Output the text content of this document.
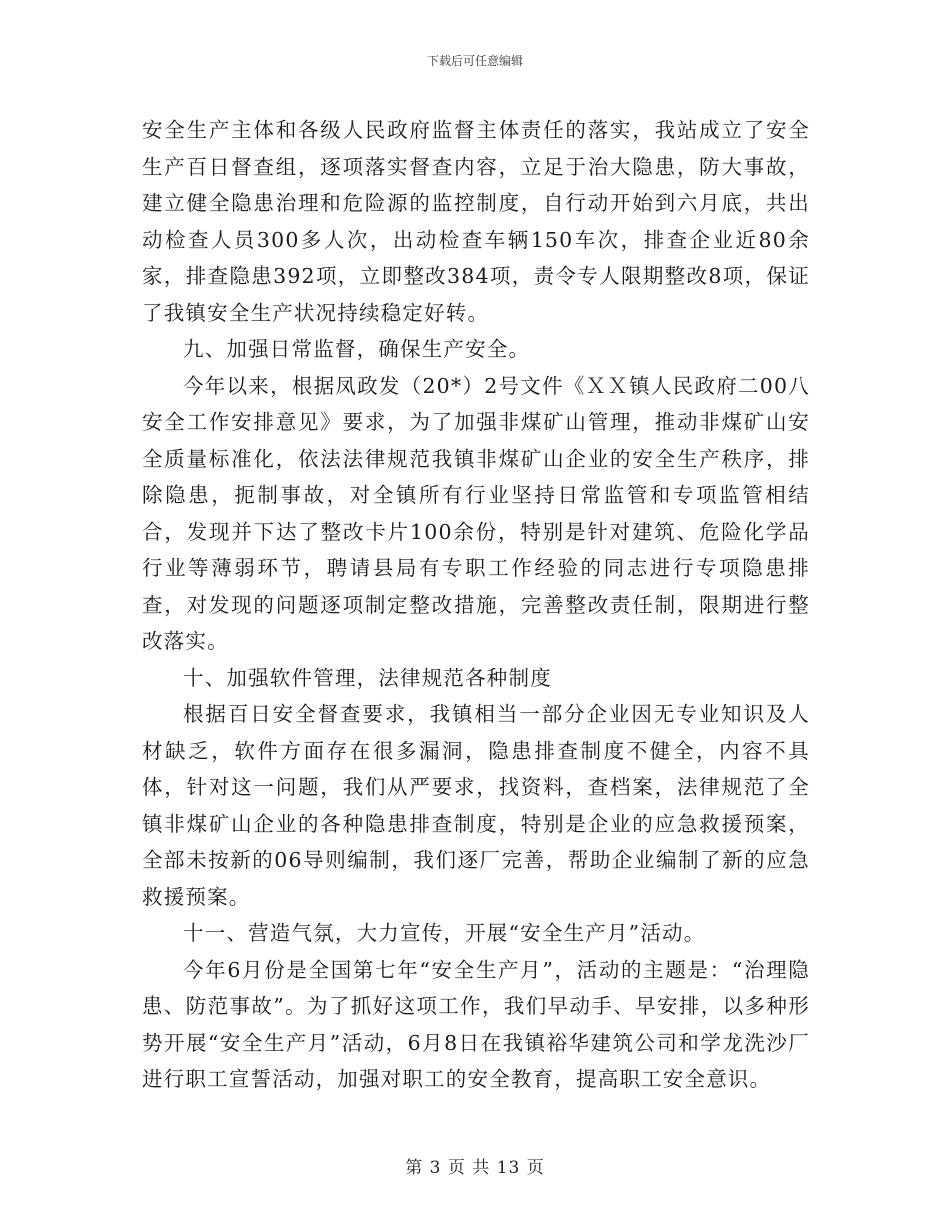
下载后可任意编辑

安全生产主体和各级人民政府监督主体责任的落实，我站成立了安全生产百日督查组，逐项落实督查内容，立足于治大隐患，防大事故，建立健全隐患治理和危险源的监控制度，自行动开始到六月底，共出动检查人员300多人次，出动检查车辆150车次，排查企业近80余家，排查隐患392项，立即整改384项，责令专人限期整改8项，保证了我镇安全生产状况持续稳定好转。

九、加强日常监督，确保生产安全。

今年以来，根据凤政发（20*）2号文件《ＸＸ镇人民政府二00八安全工作安排意见》要求，为了加强非煤矿山管理，推动非煤矿山安全质量标准化，依法法律规范我镇非煤矿山企业的安全生产秩序，排除隐患，扼制事故，对全镇所有行业坚持日常监管和专项监管相结合，发现并下达了整改卡片100余份，特别是针对建筑、危险化学品行业等薄弱环节，聘请县局有专职工作经验的同志进行专项隐患排查，对发现的问题逐项制定整改措施，完善整改责任制，限期进行整改落实。

十、加强软件管理，法律规范各种制度

根据百日安全督查要求，我镇相当一部分企业因无专业知识及人材缺乏，软件方面存在很多漏洞，隐患排查制度不健全，内容不具体，针对这一问题，我们从严要求，找资料，查档案，法律规范了全镇非煤矿山企业的各种隐患排查制度，特别是企业的应急救援预案，全部未按新的06导则编制，我们逐厂完善，帮助企业编制了新的应急救援预案。

十一、营造气氛，大力宣传，开展“安全生产月”活动。

今年6月份是全国第七年“安全生产月”，活动的主题是：“治理隐患、防范事故”。为了抓好这项工作，我们早动手、早安排，以多种形势开展“安全生产月”活动，6月8日在我镇裕华建筑公司和学龙洗沙厂进行职工宣誓活动，加强对职工的安全教育，提高职工安全意识。

第 3 页 共 13 页
